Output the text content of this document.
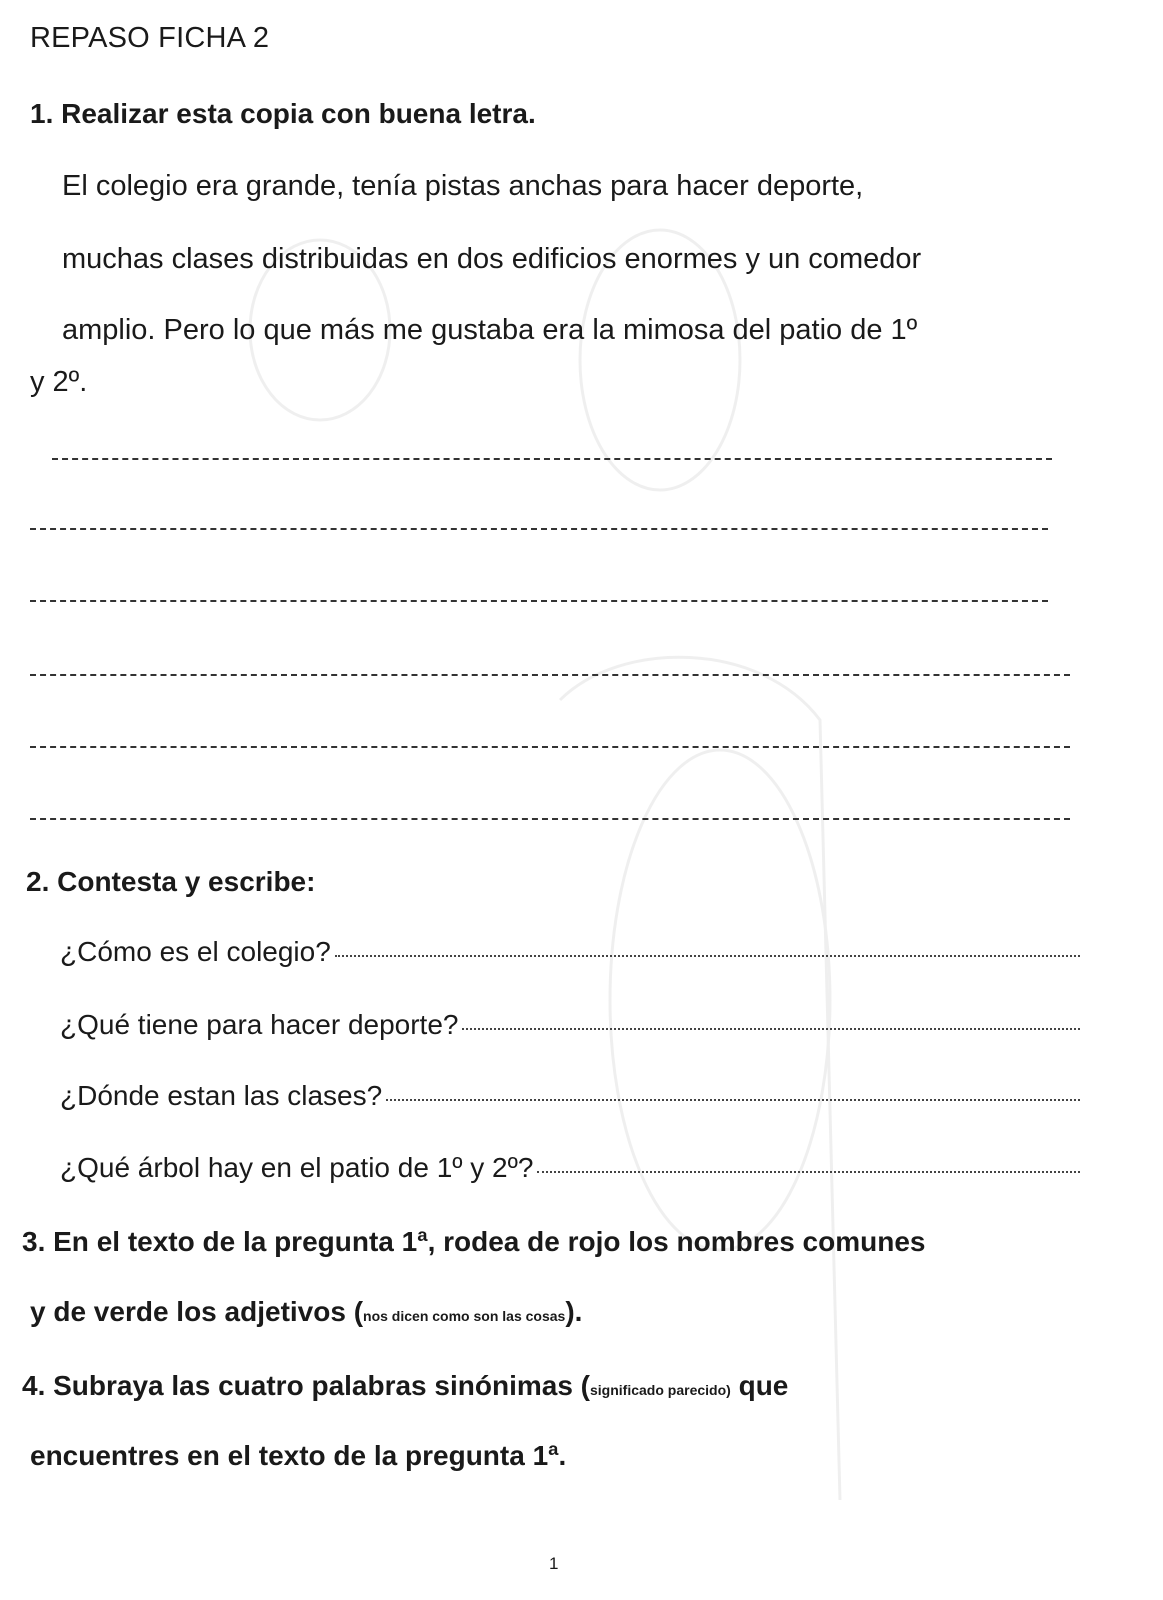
REPASO FICHA 2
1. Realizar esta copia con buena letra.
El colegio era grande, tenía pistas anchas para hacer deporte,
muchas clases distribuidas en dos edificios enormes y un comedor
amplio. Pero lo que más me gustaba era la mimosa del patio de 1º
y 2º.
2. Contesta y escribe:
¿Cómo es el colegio?
¿Qué tiene para hacer deporte?
¿Dónde estan las clases?
¿Qué árbol hay en el patio de 1º y 2º?
3. En el texto de la pregunta 1ª, rodea de rojo los nombres comunes
y de verde los adjetivos (nos dicen como son las cosas).
4. Subraya las cuatro palabras sinónimas (significado parecido) que
encuentres en el texto de la pregunta 1ª.
1
